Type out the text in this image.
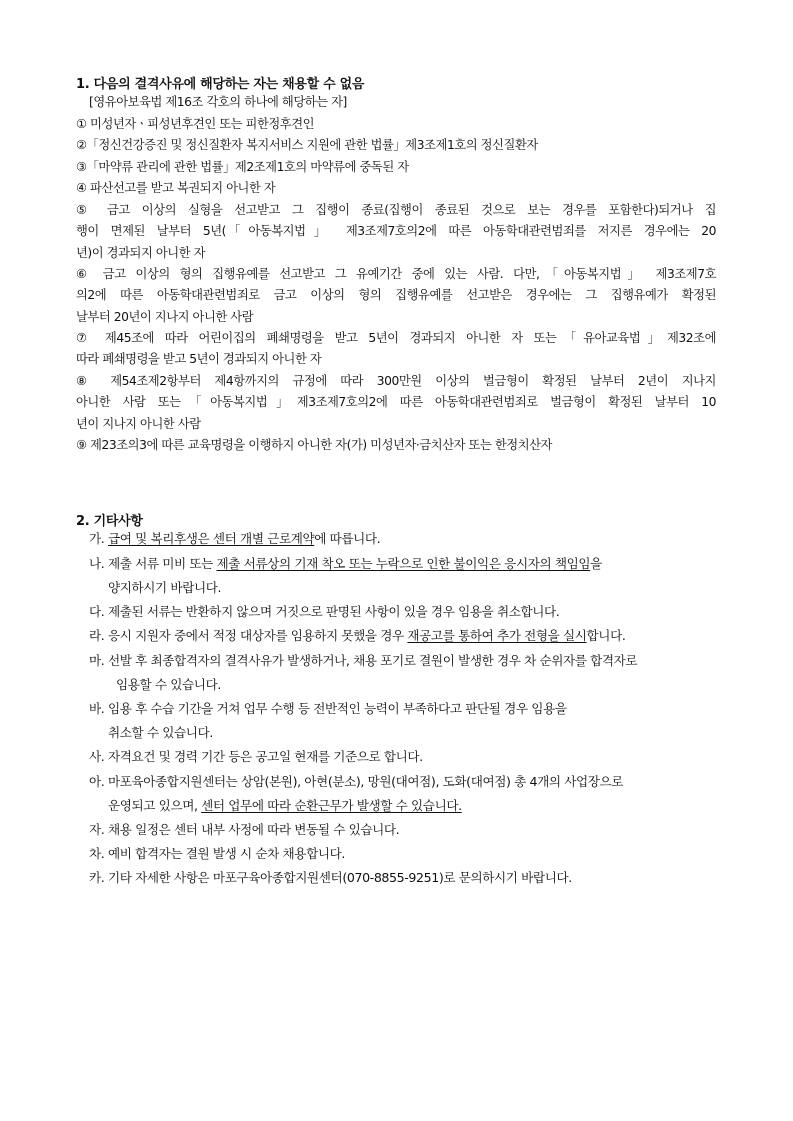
1. 다음의 결격사유에 해당하는 자는 채용할 수 없음
[영유아보육법 제16조 각호의 하나에 해당하는 자]
① 미성년자ㆍ피성년후견인 또는 피한정후견인
②「정신건강증진 및 정신질환자 복지서비스 지원에 관한 법률」제3조제1호의 정신질환자
③「마약류 관리에 관한 법률」제2조제1호의 마약류에 중독된 자
④ 파산선고를 받고 복권되지 아니한 자
⑤ 금고 이상의 실형을 선고받고 그 집행이 종료(집행이 종료된 것으로 보는 경우를 포함한다)되거나 집
행이 면제된 날부터 5년(「아동복지법」 제3조제7호의2에 따른 아동학대관련범죄를 저지른 경우에는 20
년)이 경과되지 아니한 자
⑥ 금고 이상의 형의 집행유예를 선고받고 그 유예기간 중에 있는 사람. 다만,「아동복지법」 제3조제7호
의2에 따른 아동학대관련범죄로 금고 이상의 형의 집행유예를 선고받은 경우에는 그 집행유예가 확정된
날부터 20년이 지나지 아니한 사람
⑦ 제45조에 따라 어린이집의 폐쇄명령을 받고 5년이 경과되지 아니한 자 또는「유아교육법」제32조에
따라 폐쇄명령을 받고 5년이 경과되지 아니한 자
⑧ 제54조제2항부터 제4항까지의 규정에 따라 300만원 이상의 벌금형이 확정된 날부터 2년이 지나지
아니한 사람 또는「아동복지법」제3조제7호의2에 따른 아동학대관련범죄로 벌금형이 확정된 날부터 10
년이 지나지 아니한 사람
⑨ 제23조의3에 따른 교육명령을 이행하지 아니한 자(가) 미성년자·금치산자 또는 한정치산자
2. 기타사항
가. 급여 및 복리후생은 센터 개별 근로계약에 따릅니다.
나. 제출 서류 미비 또는 제출 서류상의 기재 착오 또는 누락으로 인한 불이익은 응시자의 책임임을
양지하시기 바랍니다.
다. 제출된 서류는 반환하지 않으며 거짓으로 판명된 사항이 있을 경우 임용을 취소합니다.
라. 응시 지원자 중에서 적정 대상자를 임용하지 못했을 경우 재공고를 통하여 추가 전형을 실시합니다.
마. 선발 후 최종합격자의 결격사유가 발생하거나, 채용 포기로 결원이 발생한 경우 차 순위자를 합격자로
임용할 수 있습니다.
바. 임용 후 수습 기간을 거쳐 업무 수행 등 전반적인 능력이 부족하다고 판단될 경우 임용을
취소할 수 있습니다.
사. 자격요건 및 경력 기간 등은 공고일 현재를 기준으로 합니다.
아. 마포육아종합지원센터는 상암(본원), 아현(분소), 망원(대여점), 도화(대여점) 총 4개의 사업장으로
운영되고 있으며, 센터 업무에 따라 순환근무가 발생할 수 있습니다.
자. 채용 일정은 센터 내부 사정에 따라 변동될 수 있습니다.
차. 예비 합격자는 결원 발생 시 순차 채용합니다.
카. 기타 자세한 사항은 마포구육아종합지원센터(070-8855-9251)로 문의하시기 바랍니다.
